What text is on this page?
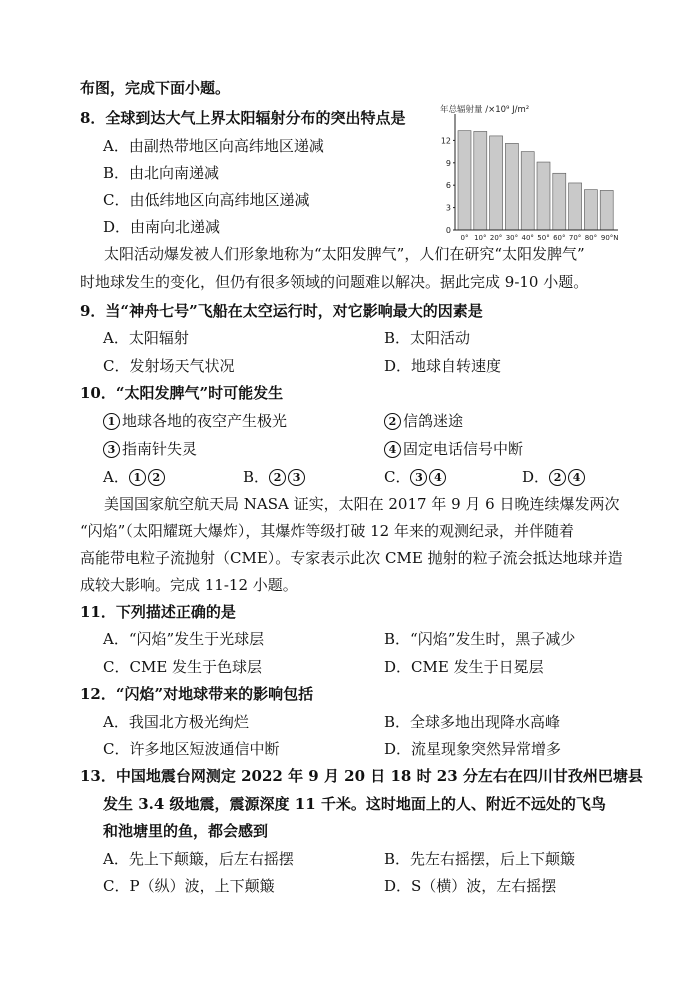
布图，完成下面小题。
8．全球到达大气上界太阳辐射分布的突出特点是
A．由副热带地区向高纬地区递减
B．由北向南递减
C．由低纬地区向高纬地区递减
D．由南向北递减
年总辐射量 /×10⁹ J/m²
0
3
6
9
12
0° 10° 20° 30° 40° 50° 60° 70° 80° 90°N
太阳活动爆发被人们形象地称为“太阳发脾气”，人们在研究“太阳发脾气”
时地球发生的变化，但仍有很多领域的问题难以解决。据此完成 9-10 小题。
9．当“神舟七号”飞船在太空运行时，对它影响最大的因素是
A．太阳辐射	B．太阳活动
C．发射场天气状况	D．地球自转速度
10．“太阳发脾气”时可能发生
1 地球各地的夜空产生极光	2 信鸽迷途
3 指南针失灵	4 固定电话信号中断
A． 1 2	B． 2 3	C． 3 4	D． 2 4
美国国家航空航天局 NASA 证实，太阳在 2017 年 9 月 6 日晚连续爆发两次
“闪焰”（太阳耀斑大爆炸），其爆炸等级打破 12 年来的观测纪录，并伴随着
高能带电粒子流抛射（CME）。专家表示此次 CME 抛射的粒子流会抵达地球并造
成较大影响。完成 11-12 小题。
11．下列描述正确的是
A．“闪焰”发生于光球层	B．“闪焰”发生时，黑子减少
C．CME 发生于色球层	D．CME 发生于日冕层
12．“闪焰”对地球带来的影响包括
A．我国北方极光绚烂	B．全球多地出现降水高峰
C．许多地区短波通信中断	D．流星现象突然异常增多
13．中国地震台网测定 2022 年 9 月 20 日 18 时 23 分左右在四川甘孜州巴塘县
发生 3.4 级地震，震源深度 11 千米。这时地面上的人、附近不远处的飞鸟
和池塘里的鱼，都会感到
A．先上下颠簸，后左右摇摆	B．先左右摇摆，后上下颠簸
C．P（纵）波，上下颠簸	D．S（横）波，左右摇摆
